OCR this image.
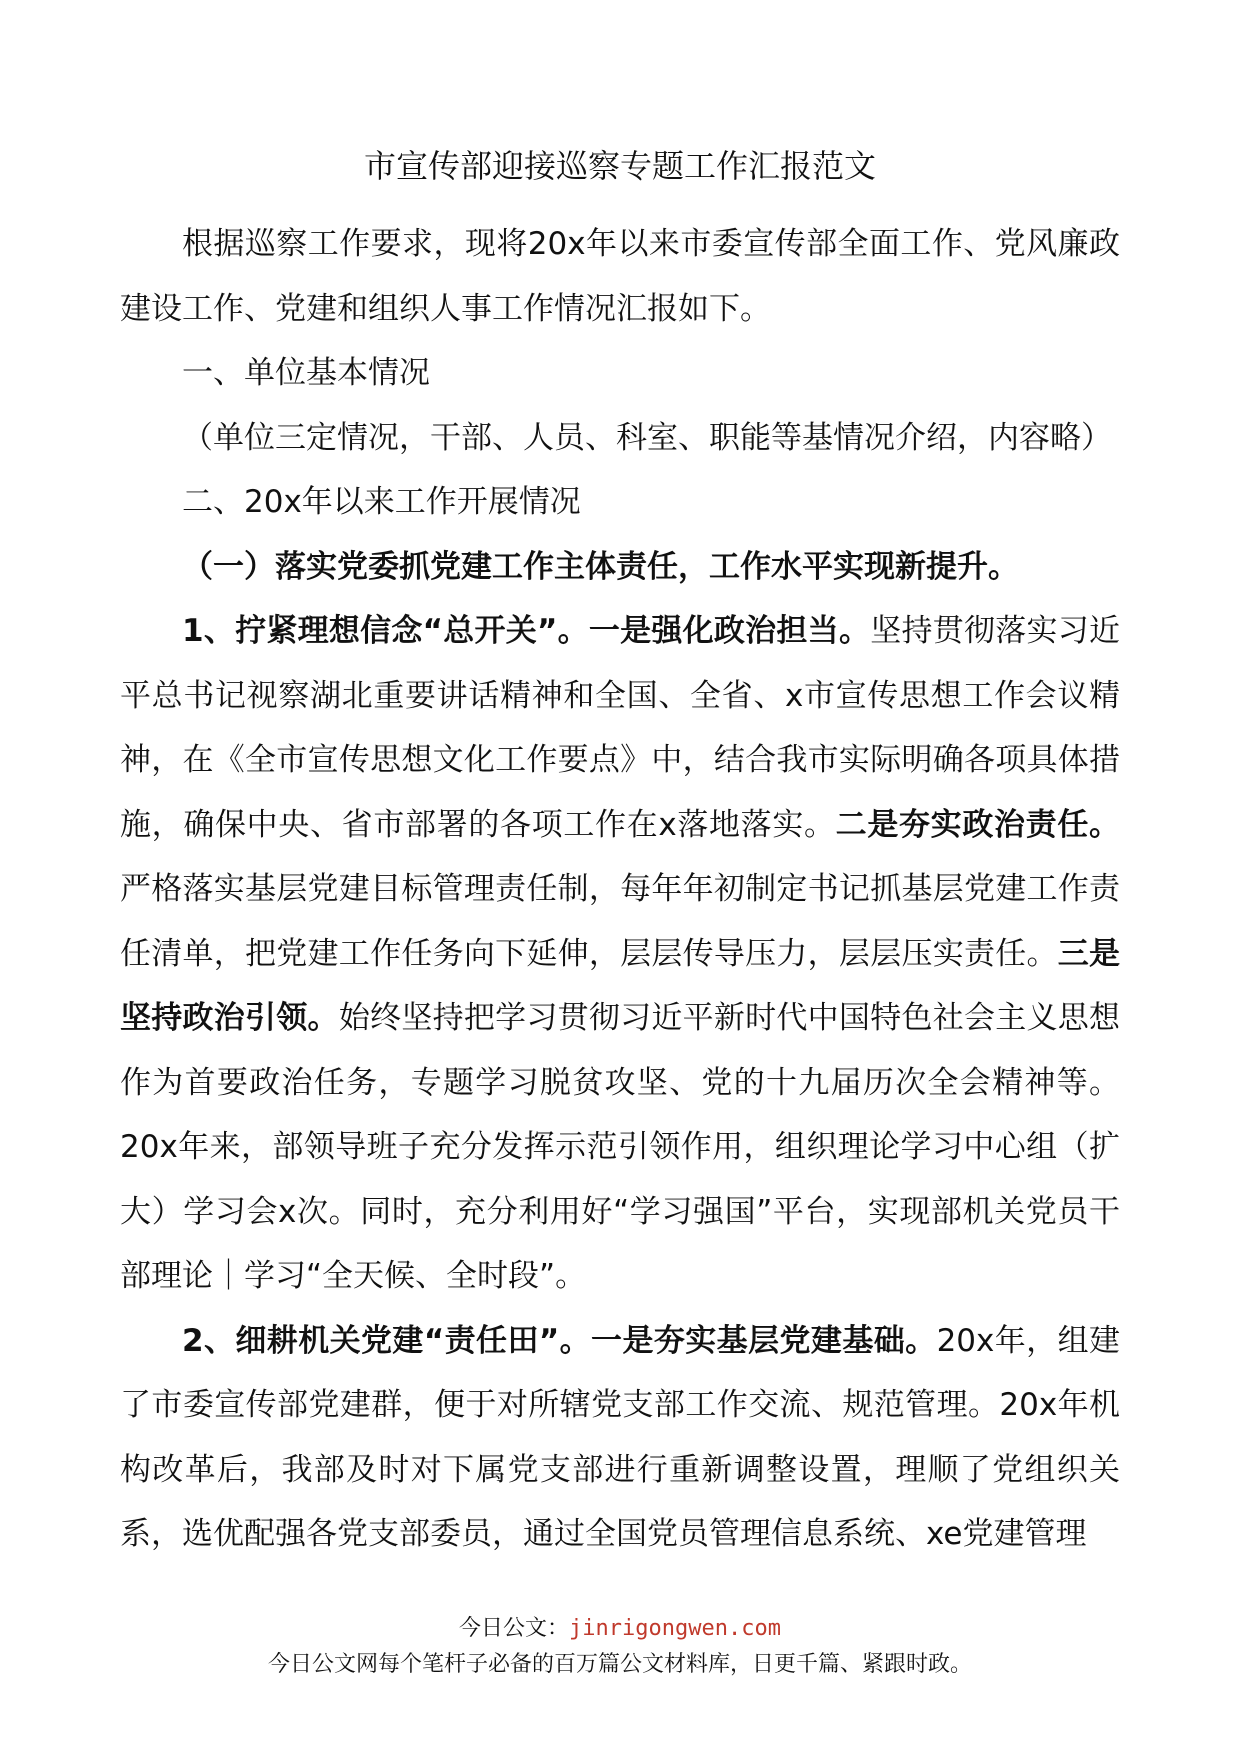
市宣传部迎接巡察专题工作汇报范文

根据巡察工作要求，现将20x年以来市委宣传部全面工作、党风廉政建设工作、党建和组织人事工作情况汇报如下。

一、单位基本情况

（单位三定情况，干部、人员、科室、职能等基情况介绍，内容略）

二、20x年以来工作开展情况

（一）落实党委抓党建工作主体责任，工作水平实现新提升。

1、拧紧理想信念“总开关”。一是强化政治担当。坚持贯彻落实习近平总书记视察湖北重要讲话精神和全国、全省、x市宣传思想工作会议精神，在《全市宣传思想文化工作要点》中，结合我市实际明确各项具体措施，确保中央、省市部署的各项工作在x落地落实。二是夯实政治责任。严格落实基层党建目标管理责任制，每年年初制定书记抓基层党建工作责任清单，把党建工作任务向下延伸，层层传导压力，层层压实责任。三是坚持政治引领。始终坚持把学习贯彻习近平新时代中国特色社会主义思想作为首要政治任务，专题学习脱贫攻坚、党的十九届历次全会精神等。20x年来，部领导班子充分发挥示范引领作用，组织理论学习中心组（扩大）学习会x次。同时，充分利用好“学习强国”平台，实现部机关党员干部理论｜学习“全天候、全时段”。

2、细耕机关党建“责任田”。一是夯实基层党建基础。20x年，组建了市委宣传部党建群，便于对所辖党支部工作交流、规范管理。20x年机构改革后，我部及时对下属党支部进行重新调整设置，理顺了党组织关系，选优配强各党支部委员，通过全国党员管理信息系统、xe党建管理

今日公文：jinrigongwen.com
今日公文网每个笔杆子必备的百万篇公文材料库，日更千篇、紧跟时政。
